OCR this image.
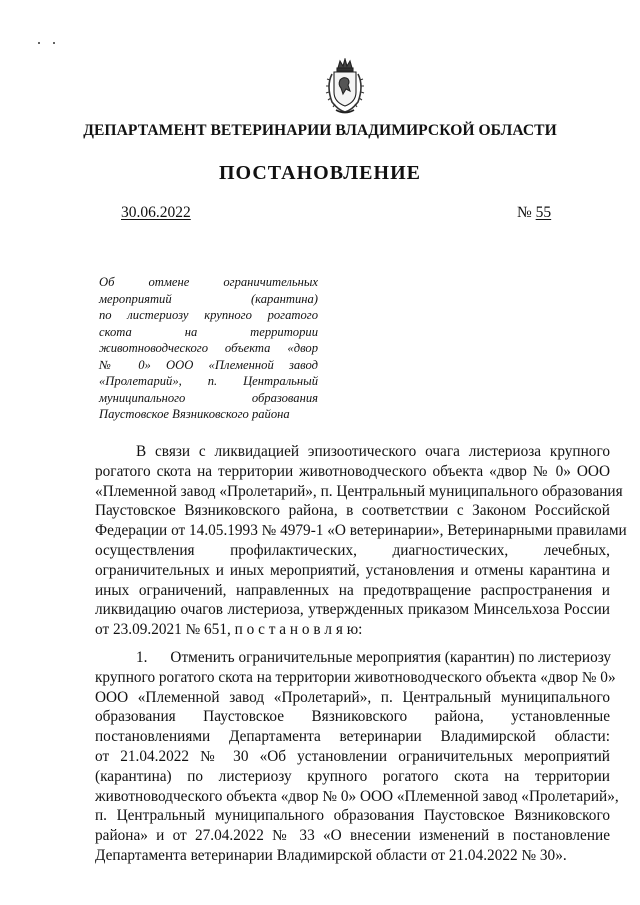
ДЕПАРТАМЕНТ ВЕТЕРИНАРИИ ВЛАДИМИРСКОЙ ОБЛАСТИ
ПОСТАНОВЛЕНИЕ
30.06.2022	№ 55
Об отмене ограничительных
мероприятий (карантина)
по листериозу крупного рогатого
скота на территории
животноводческого объекта «двор
№ 0» ООО «Племенной завод
«Пролетарий», п. Центральный
муниципального образования
Паустовское Вязниковского района
В связи с ликвидацией эпизоотического очага листериоза крупного
рогатого скота на территории животноводческого объекта «двор № 0» ООО
«Племенной завод «Пролетарий», п. Центральный муниципального образования
Паустовское Вязниковского района, в соответствии с Законом Российской
Федерации от 14.05.1993 № 4979-1 «О ветеринарии», Ветеринарными правилами
осуществления профилактических, диагностических, лечебных,
ограничительных и иных мероприятий, установления и отмены карантина и
иных ограничений, направленных на предотвращение распространения и
ликвидацию очагов листериоза, утвержденных приказом Минсельхоза России
от 23.09.2021 № 651, п о с т а н о в л я ю:
1.      Отменить ограничительные мероприятия (карантин) по листериозу
крупного рогатого скота на территории животноводческого объекта «двор № 0»
ООО «Племенной завод «Пролетарий», п. Центральный муниципального
образования Паустовское Вязниковского района, установленные
постановлениями Департамента ветеринарии Владимирской области:
от 21.04.2022 № 30 «Об установлении ограничительных мероприятий
(карантина) по листериозу крупного рогатого скота на территории
животноводческого объекта «двор № 0» ООО «Племенной завод «Пролетарий»,
п. Центральный муниципального образования Паустовское Вязниковского
района» и от 27.04.2022 № 33 «О внесении изменений в постановление
Департамента ветеринарии Владимирской области от 21.04.2022 № 30».
